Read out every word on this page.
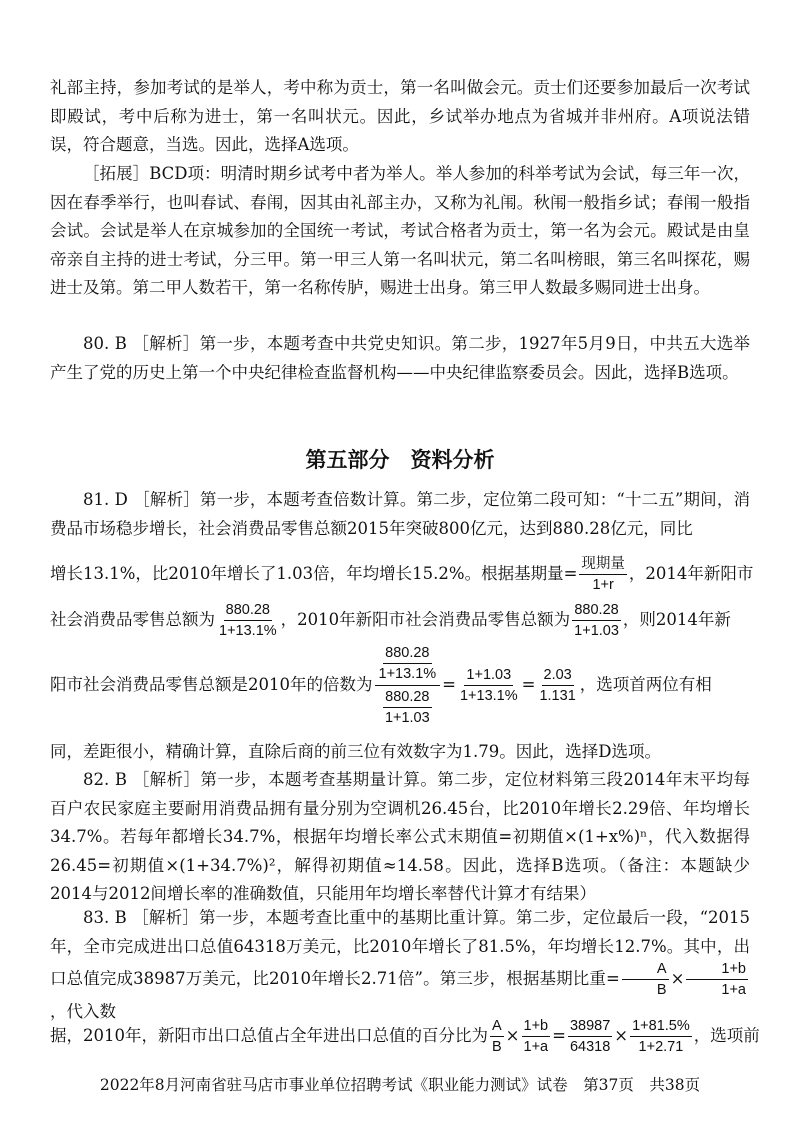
礼部主持，参加考试的是举人，考中称为贡士，第一名叫做会元。贡士们还要参加最后一次考试即殿试，考中后称为进士，第一名叫状元。因此，乡试举办地点为省城并非州府。A项说法错误，符合题意，当选。因此，选择A选项。

［拓展］BCD项：明清时期乡试考中者为举人。举人参加的科举考试为会试，每三年一次，因在春季举行，也叫春试、春闱，因其由礼部主办，又称为礼闱。秋闱一般指乡试；春闱一般指会试。会试是举人在京城参加的全国统一考试，考试合格者为贡士，第一名为会元。殿试是由皇帝亲自主持的进士考试，分三甲。第一甲三人第一名叫状元，第二名叫榜眼，第三名叫探花，赐进士及第。第二甲人数若干，第一名称传胪，赐进士出身。第三甲人数最多赐同进士出身。

80. B ［解析］第一步，本题考查中共党史知识。第二步，1927年5月9日，中共五大选举产生了党的历史上第一个中央纪律检查监督机构——中央纪律监察委员会。因此，选择B选项。

第五部分　资料分析

81. D ［解析］第一步，本题考查倍数计算。第二步，定位第二段可知：“十二五”期间，消费品市场稳步增长，社会消费品零售总额2015年突破800亿元，达到880.28亿元，同比

增长13.1%，比2010年增长了1.03倍，年均增长15.2%。根据基期量= $\frac{\text{现期量}}{1+r}$ ，2014年新阳市
社会消费品零售总额为 $\frac{880.28}{1+13.1\%}$ ，2010年新阳市社会消费品零售总额为 $\frac{880.28}{1+1.03}$ ，则2014年新
阳市社会消费品零售总额是2010年的倍数为 $\frac{\frac{880.28}{1+13.1\%}}{\frac{880.28}{1+1.03}} = \frac{1+1.03}{1+13.1\%} = \frac{2.03}{1.131}$ ，选项首两位有相
同，差距很小，精确计算，直除后商的前三位有效数字为1.79。因此，选择D选项。

82. B ［解析］第一步，本题考查基期量计算。第二步，定位材料第三段2014年末平均每百户农民家庭主要耐用消费品拥有量分别为空调机26.45台，比2010年增长2.29倍、年均增长34.7%。若每年都增长34.7%，根据年均增长率公式末期值=初期值×(1+x%)ⁿ，代入数据得26.45=初期值×(1+34.7%)²，解得初期值≈14.58。因此，选择B选项。（备注：本题缺少2014与2012间增长率的准确数值，只能用年均增长率替代计算才有结果）

83. B ［解析］第一步，本题考查比重中的基期比重计算。第二步，定位最后一段，“2015年，全市完成进出口总值64318万美元，比2010年增长了81.5%，年均增长12.7%。其中，出口总值完成38987万美元，比2010年增长2.71倍”。第三步，根据基期比重= $\frac{A}{B} \times \frac{1+b}{1+a}$
，代入数

据，2010年，新阳市出口总值占全年进出口总值的百分比为 $\frac{A}{B} \times \frac{1+b}{1+a} = \frac{38987}{64318} \times \frac{1+81.5\%}{1+2.71}$ ，选项前
2022年8月河南省驻马店市事业单位招聘考试《职业能力测试》试卷　第37页　共38页
